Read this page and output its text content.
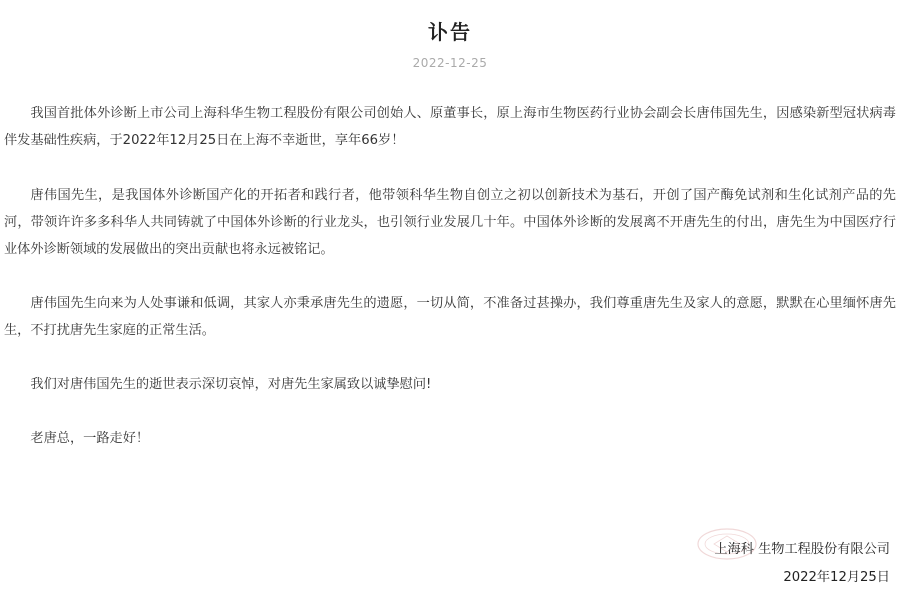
讣告
2022-12-25

我国首批体外诊断上市公司上海科华生物工程股份有限公司创始人、原董事长，原上海市生物医药行业协会副会长唐伟国先生，因感染新型冠状病毒伴发基础性疾病，于2022年12月25日在上海不幸逝世，享年66岁！

唐伟国先生，是我国体外诊断国产化的开拓者和践行者，他带领科华生物自创立之初以创新技术为基石，开创了国产酶免试剂和生化试剂产品的先河，带领许许多多科华人共同铸就了中国体外诊断的行业龙头，也引领行业发展几十年。中国体外诊断的发展离不开唐先生的付出，唐先生为中国医疗行业体外诊断领域的发展做出的突出贡献也将永远被铭记。

唐伟国先生向来为人处事谦和低调，其家人亦秉承唐先生的遗愿，一切从简，不准备过甚操办，我们尊重唐先生及家人的意愿，默默在心里缅怀唐先生，不打扰唐先生家庭的正常生活。

我们对唐伟国先生的逝世表示深切哀悼，对唐先生家属致以诚挚慰问!

老唐总，一路走好！

上海科 生物工程股份有限公司
2022年12月25日
